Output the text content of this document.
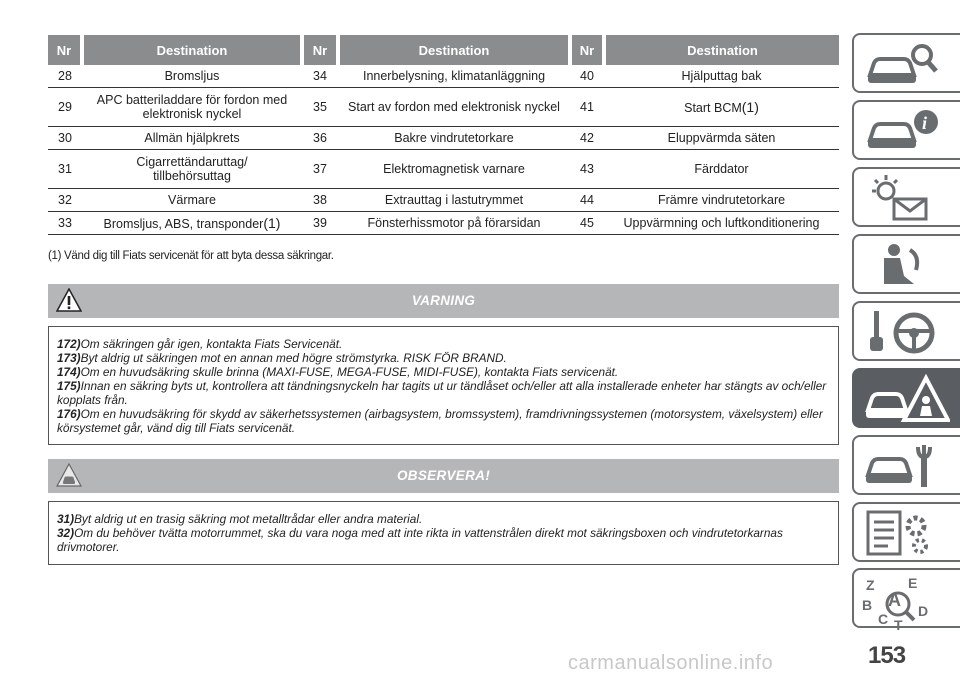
Nr	Destination	Nr	Destination	Nr	Destination
28	Bromsljus	34	Innerbelysning, klimatanläggning	40	Hjälputtag bak
29	APC batteriladdare för fordon med elektronisk nyckel	35	Start av fordon med elektronisk nyckel	41	Start BCM(1)
30	Allmän hjälpkrets	36	Bakre vindrutetorkare	42	Eluppvärmda säten
31	Cigarrettändaruttag/ tillbehörsuttag	37	Elektromagnetisk varnare	43	Färddator
32	Värmare	38	Extrauttag i lastutrymmet	44	Främre vindrutetorkare
33	Bromsljus, ABS, transponder(1)	39	Fönsterhissmotor på förarsidan	45	Uppvärmning och luftkonditionering
(1) Vänd dig till Fiats servicenät för att byta dessa säkringar.
VARNING

172)Om säkringen går igen, kontakta Fiats Servicenät.

173)Byt aldrig ut säkringen mot en annan med högre strömstyrka. RISK FÖR BRAND.

174)Om en huvudsäkring skulle brinna (MAXI-FUSE, MEGA-FUSE, MIDI-FUSE), kontakta Fiats servicenät.

175)Innan en säkring byts ut, kontrollera att tändningsnyckeln har tagits ut ur tändlåset och/eller att alla installerade enheter har stängts av och/eller kopplats från.

176)Om en huvudsäkring för skydd av säkerhetssystemen (airbagsystem, bromssystem), framdrivningssystemen (motorsystem, växelsystem) eller körsystemet går, vänd dig till Fiats servicenät.

OBSERVERA!

31)Byt aldrig ut en trasig säkring mot metalltrådar eller andra material.

32)Om du behöver tvätta motorrummet, ska du vara noga med att inte rikta in vattenstrålen direkt mot säkringsboxen och vindrutetorkarnas drivmotorer.

i
Z E
B A
D
C T
153
carmanualsonline.info
